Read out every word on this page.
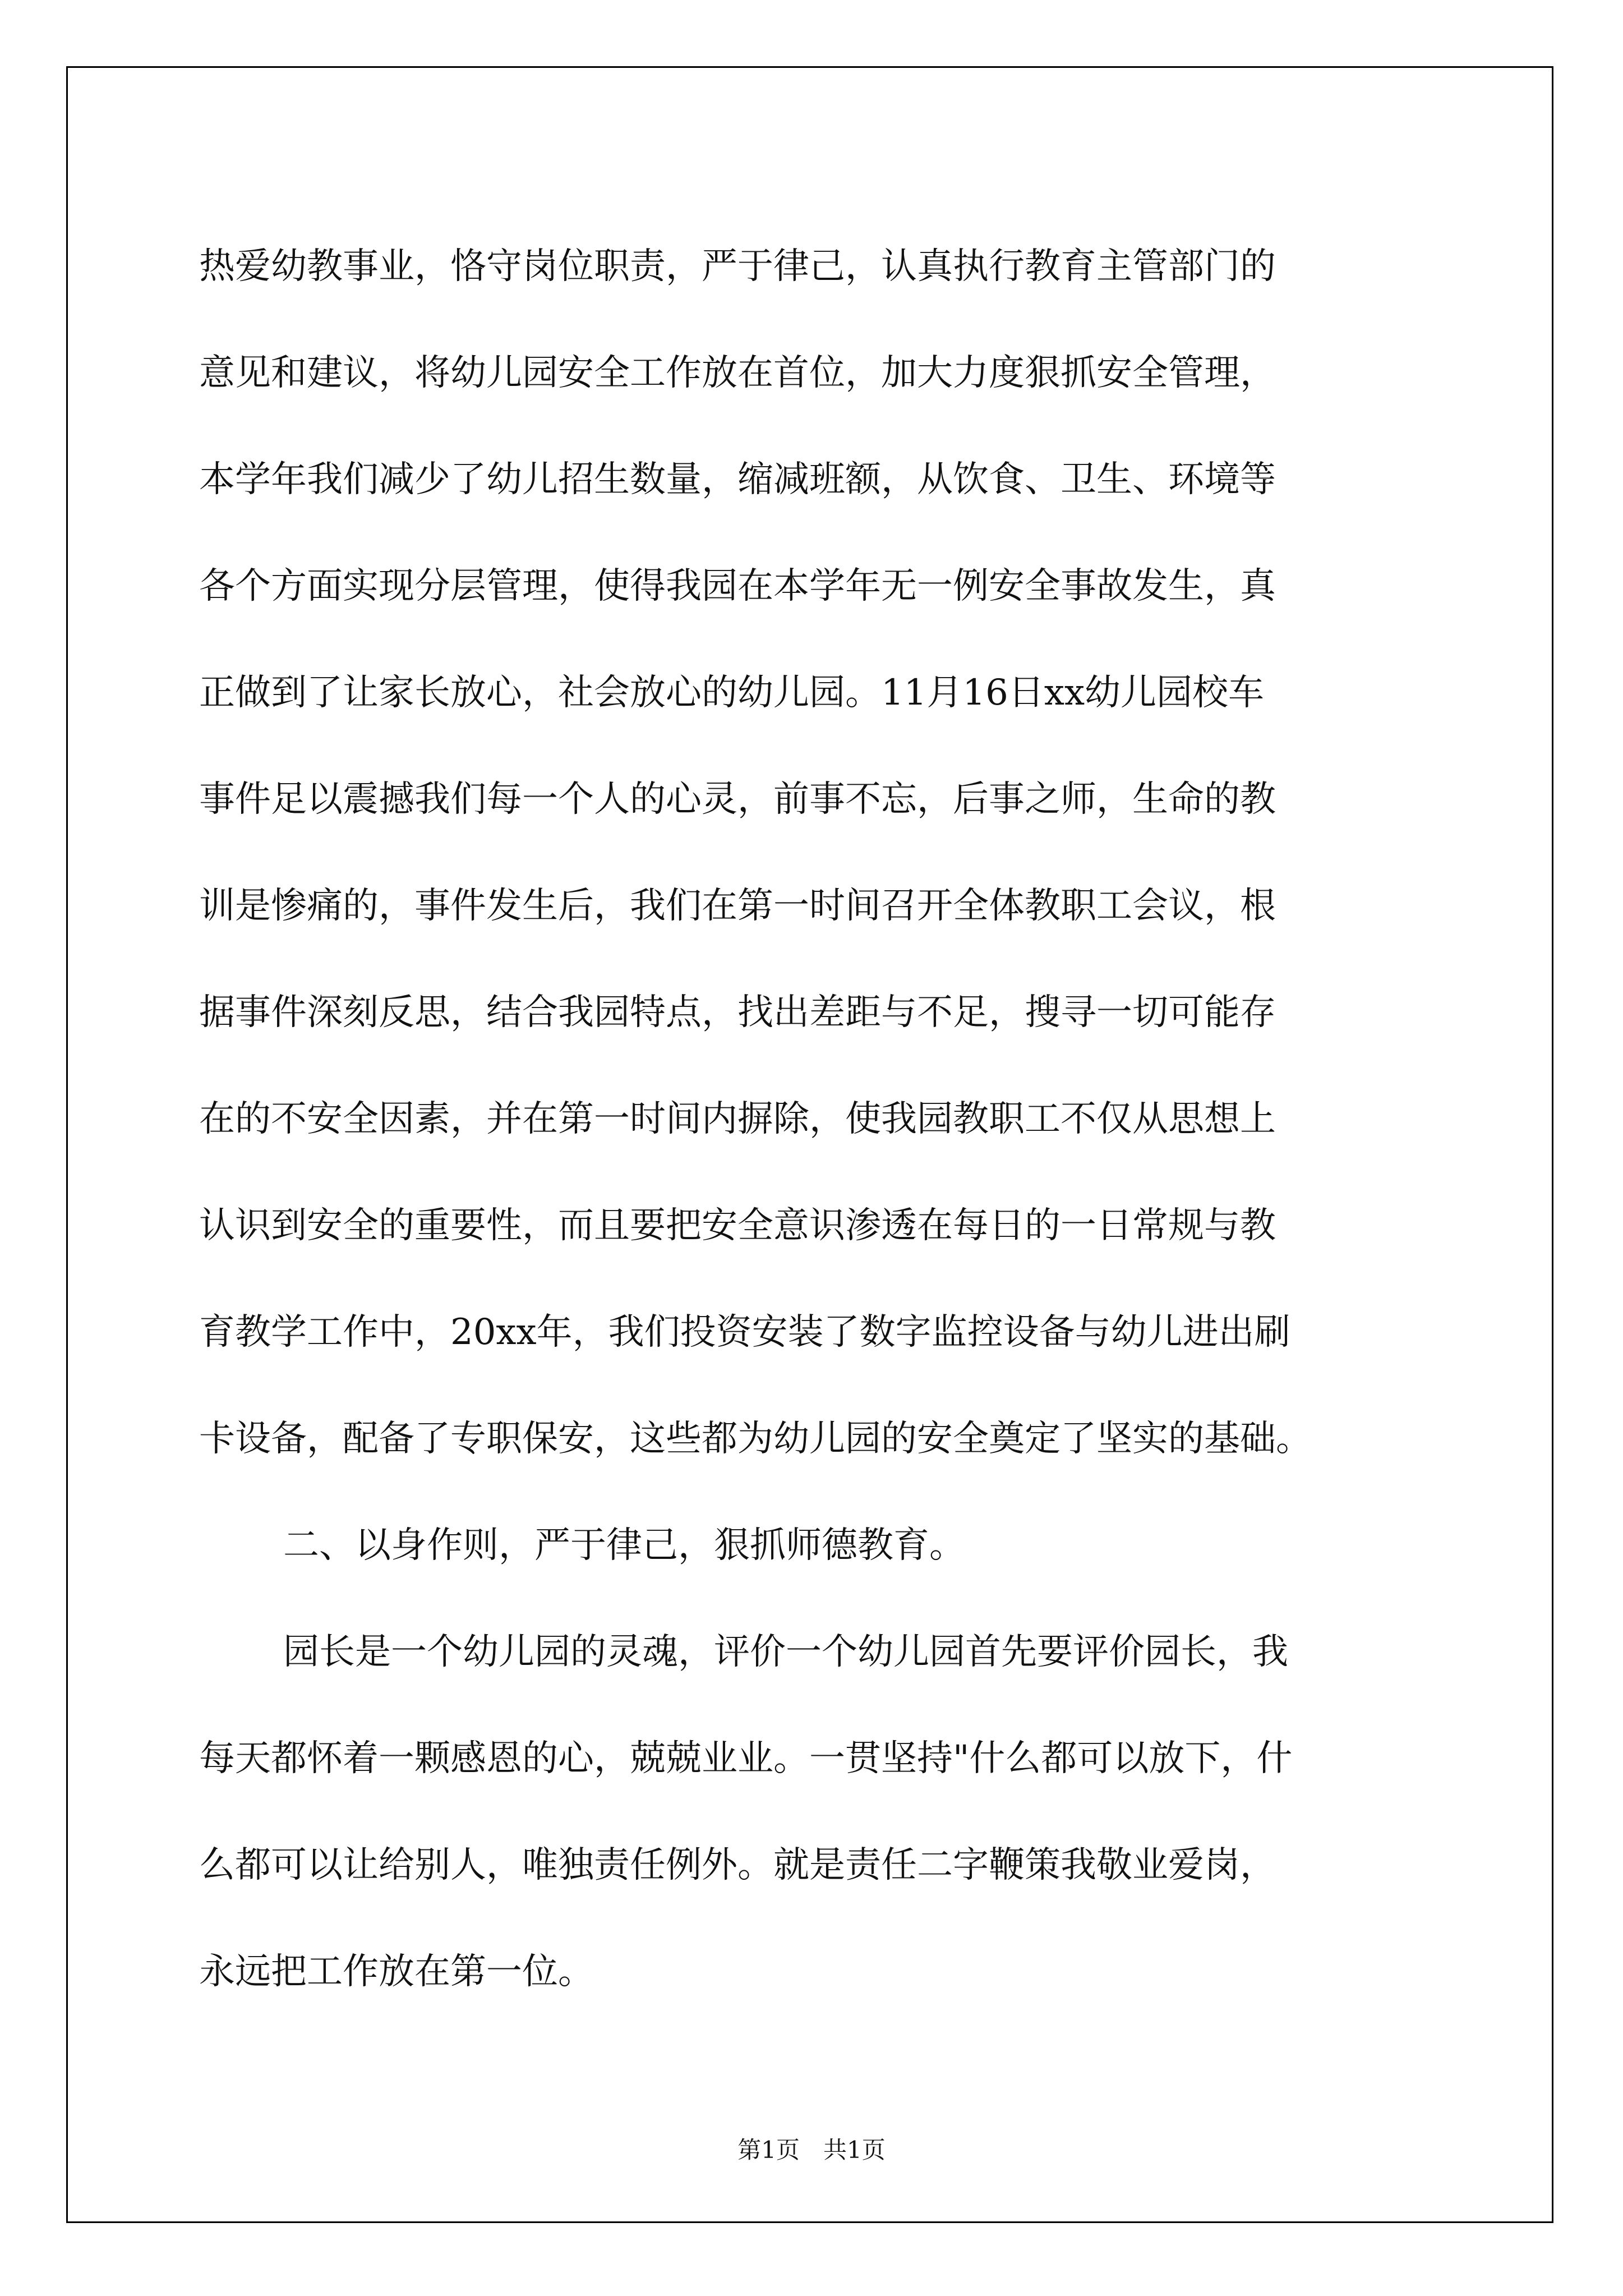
热爱幼教事业，恪守岗位职责，严于律己，认真执行教育主管部门的
意见和建议，将幼儿园安全工作放在首位，加大力度狠抓安全管理，
本学年我们减少了幼儿招生数量，缩减班额，从饮食、卫生、环境等
各个方面实现分层管理，使得我园在本学年无一例安全事故发生，真
正做到了让家长放心，社会放心的幼儿园。11月16日xx幼儿园校车
事件足以震撼我们每一个人的心灵，前事不忘，后事之师，生命的教
训是惨痛的，事件发生后，我们在第一时间召开全体教职工会议，根
据事件深刻反思，结合我园特点，找出差距与不足，搜寻一切可能存
在的不安全因素，并在第一时间内摒除，使我园教职工不仅从思想上
认识到安全的重要性，而且要把安全意识渗透在每日的一日常规与教
育教学工作中，20xx年，我们投资安装了数字监控设备与幼儿进出刷
卡设备，配备了专职保安，这些都为幼儿园的安全奠定了坚实的基础。
二、以身作则，严于律己，狠抓师德教育。
园长是一个幼儿园的灵魂，评价一个幼儿园首先要评价园长，我
每天都怀着一颗感恩的心，兢兢业业。一贯坚持"什么都可以放下，什
么都可以让给别人，唯独责任例外。就是责任二字鞭策我敬业爱岗，
永远把工作放在第一位。
第1页　共1页
